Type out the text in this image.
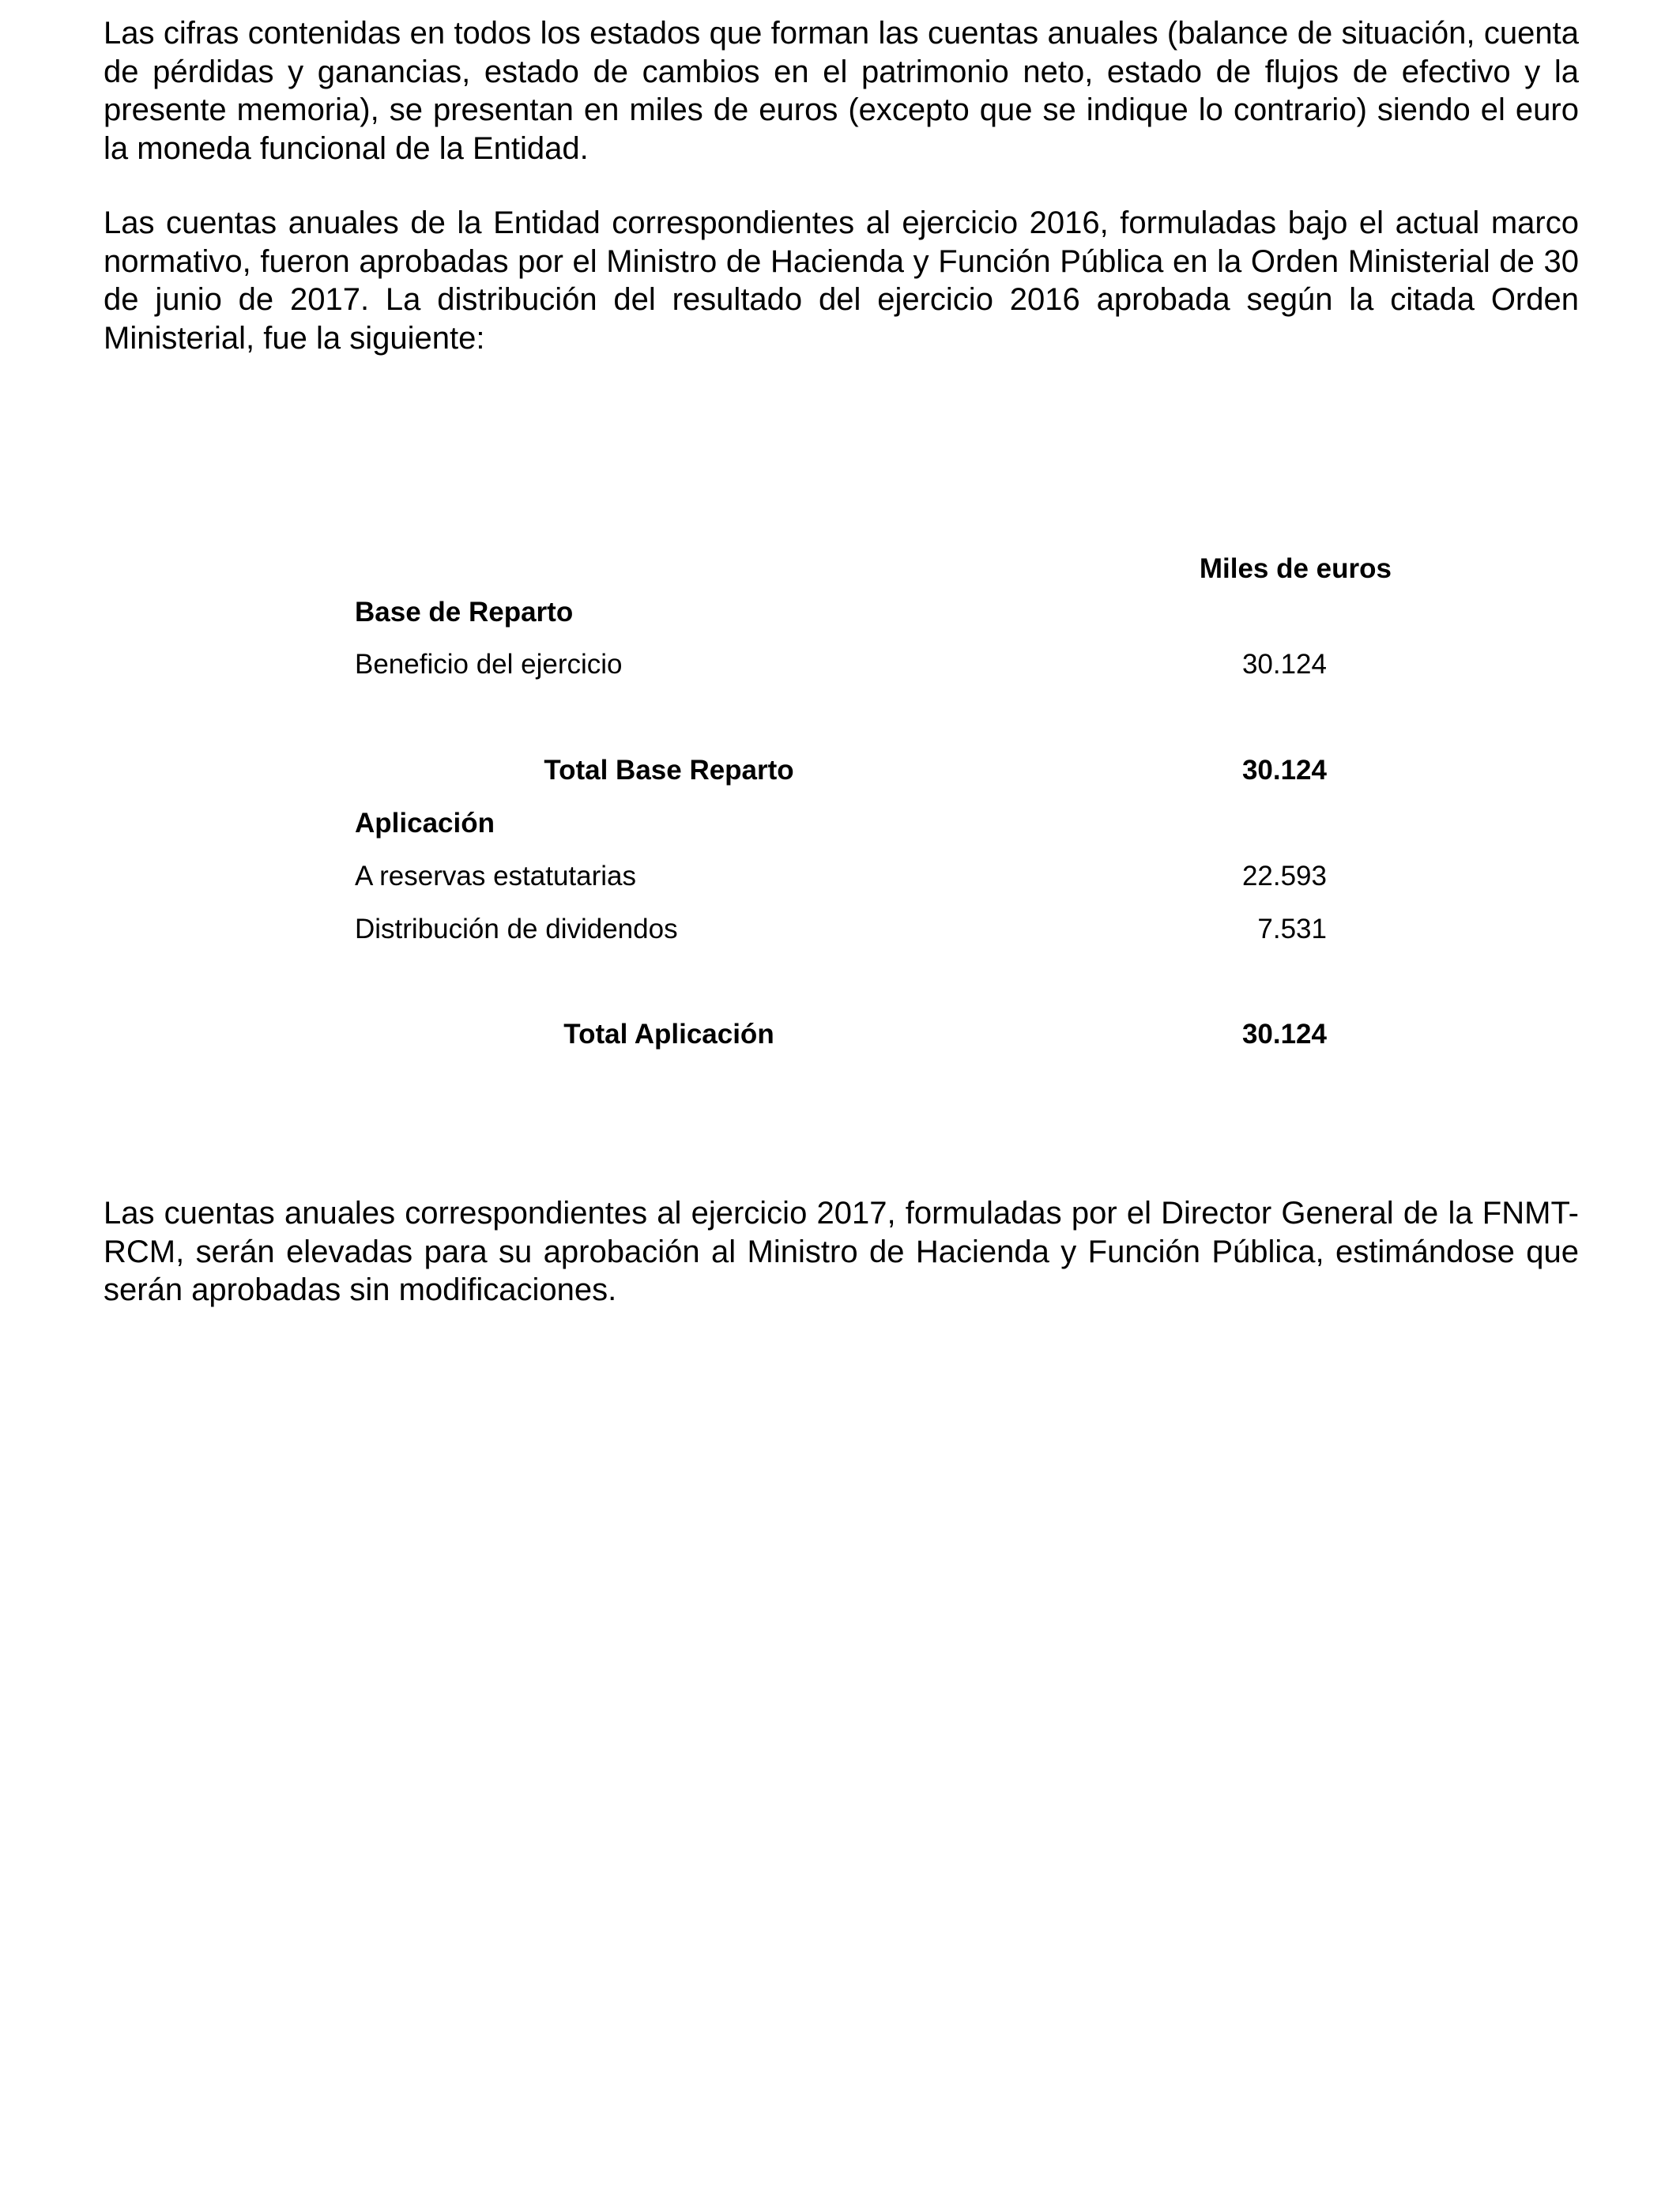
Las cifras contenidas en todos los estados que forman las cuentas anuales (balance de situación, cuenta de pérdidas y ganancias, estado de cambios en el patrimonio neto, estado de flujos de efectivo y la presente memoria), se presentan en miles de euros (excepto que se indique lo contrario) siendo el euro la moneda funcional de la Entidad.

Las cuentas anuales de la Entidad correspondientes al ejercicio 2016, formuladas bajo el actual marco normativo, fueron aprobadas por el Ministro de Hacienda y Función Pública en la Orden Ministerial de 30 de junio de 2017. La distribución del resultado del ejercicio 2016 aprobada según la citada Orden Ministerial, fue la siguiente:

Miles de euros
Base de Reparto
Beneficio del ejercicio	30.124
Total Base Reparto	30.124
Aplicación
A reservas estatutarias	22.593
Distribución de dividendos	7.531
Total Aplicación	30.124

Las cuentas anuales correspondientes al ejercicio 2017, formuladas por el Director General de la FNMT-RCM, serán elevadas para su aprobación al Ministro de Hacienda y Función Pública, estimándose que serán aprobadas sin modificaciones.
